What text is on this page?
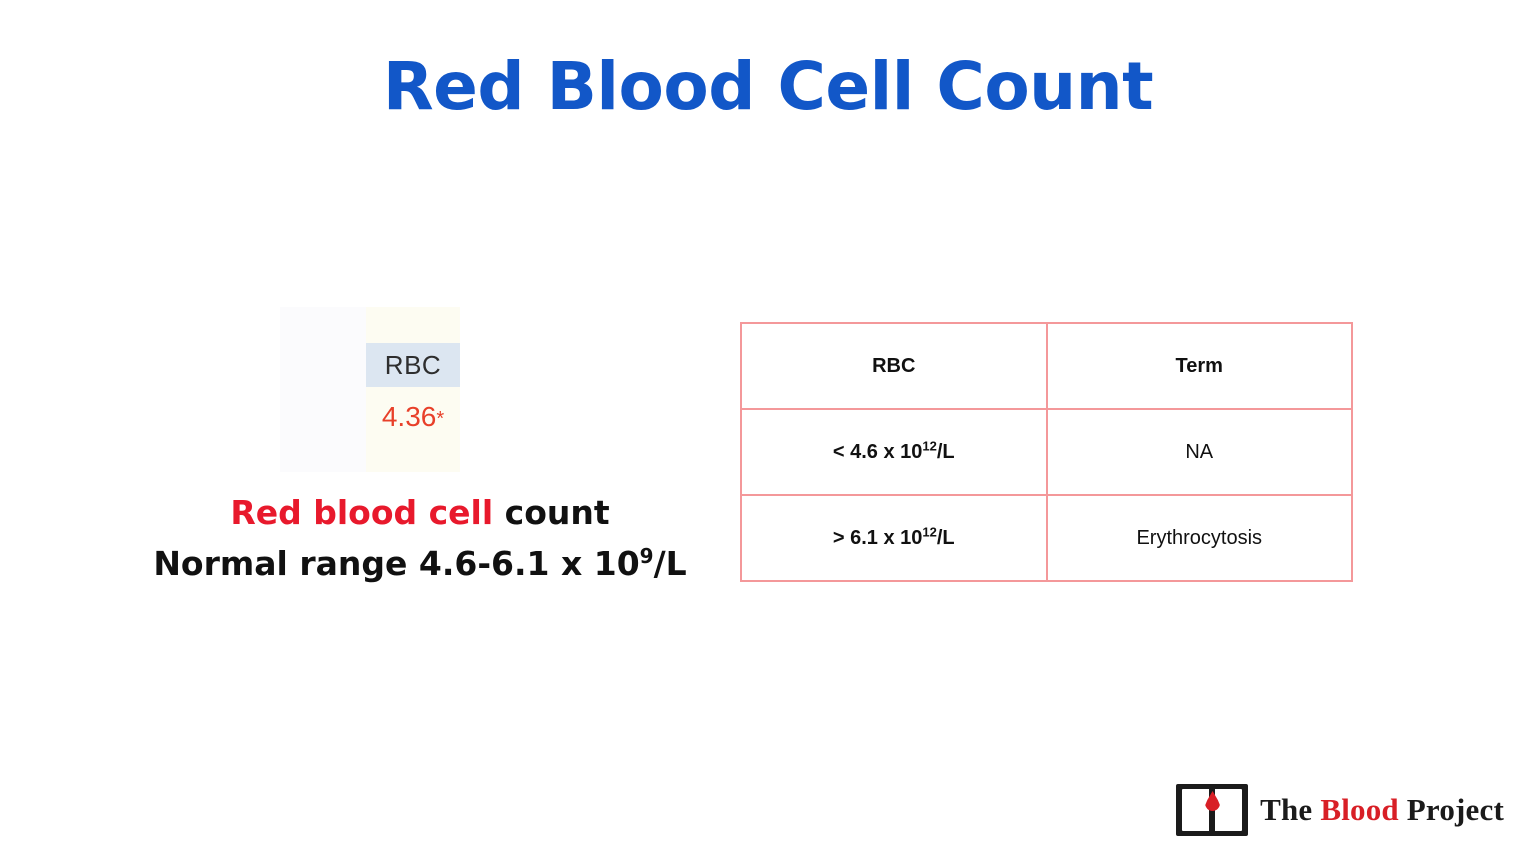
Red Blood Cell Count
RBC
4.36*
Red blood cell count
Normal range 4.6-6.1 x $10^9/L$
RBC	Term
< 4.6 x $10^{12}/L$	NA
> 6.1 x $10^{12}/L$	Erythrocytosis
The Blood Project
